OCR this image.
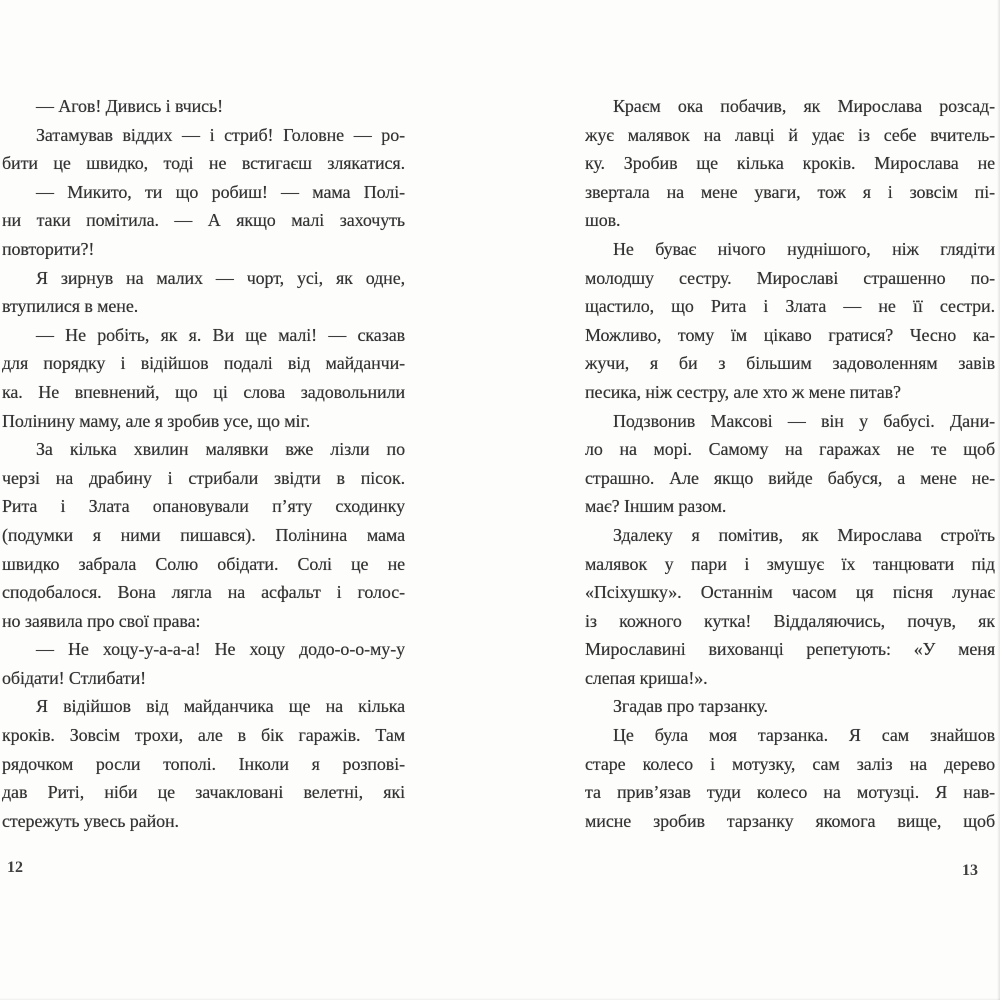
— Агов! Дивись і вчись!
Затамував віддих — і стриб! Головне — ро-
бити це швидко, тоді не встигаєш злякатися.
— Микито, ти що робиш! — мама Полі-
ни таки помітила. — А якщо малі захочуть
повторити?!
Я зирнув на малих — чорт, усі, як одне,
втупилися в мене.
— Не робіть, як я. Ви ще малі! — сказав
для порядку і відійшов подалі від майданчи-
ка. Не впевнений, що ці слова задовольнили
Полінину маму, але я зробив усе, що міг.
За кілька хвилин малявки вже лізли по
черзі на драбину і стрибали звідти в пісок.
Рита і Злата опановували п’яту сходинку
(подумки я ними пишався). Полінина мама
швидко забрала Солю обідати. Солі це не
сподобалося. Вона лягла на асфальт і голос-
но заявила про свої права:
— Не хоцу-у-а-а-а! Не хоцу додо-о-о-му-у
обідати! Стлибати!
Я відійшов від майданчика ще на кілька
кроків. Зовсім трохи, але в бік гаражів. Там
рядочком росли тополі. Інколи я розпові-
дав Риті, ніби це зачакловані велетні, які
стережуть увесь район.
Краєм ока побачив, як Мирослава розсад-
жує малявок на лавці й удає із себе вчитель-
ку. Зробив ще кілька кроків. Мирослава не
звертала на мене уваги, тож я і зовсім пі-
шов.
Не буває нічого нуднішого, ніж глядіти
молодшу сестру. Мирославі страшенно по-
щастило, що Рита і Злата — не її сестри.
Можливо, тому їм цікаво гратися? Чесно ка-
жучи, я би з більшим задоволенням завів
песика, ніж сестру, але хто ж мене питав?
Подзвонив Максові — він у бабусі. Дани-
ло на морі. Самому на гаражах не те щоб
страшно. Але якщо вийде бабуся, а мене не-
має? Іншим разом.
Здалеку я помітив, як Мирослава строїть
малявок у пари і змушує їх танцювати під
«Псіхушку». Останнім часом ця пісня лунає
із кожного кутка! Віддаляючись, почув, як
Мирославині вихованці репетують: «У меня
слепая криша!».
Згадав про тарзанку.
Це була моя тарзанка. Я сам знайшов
старе колесо і мотузку, сам заліз на дерево
та прив’язав туди колесо на мотузці. Я нав-
мисне зробив тарзанку якомога вище, щоб
12	13
